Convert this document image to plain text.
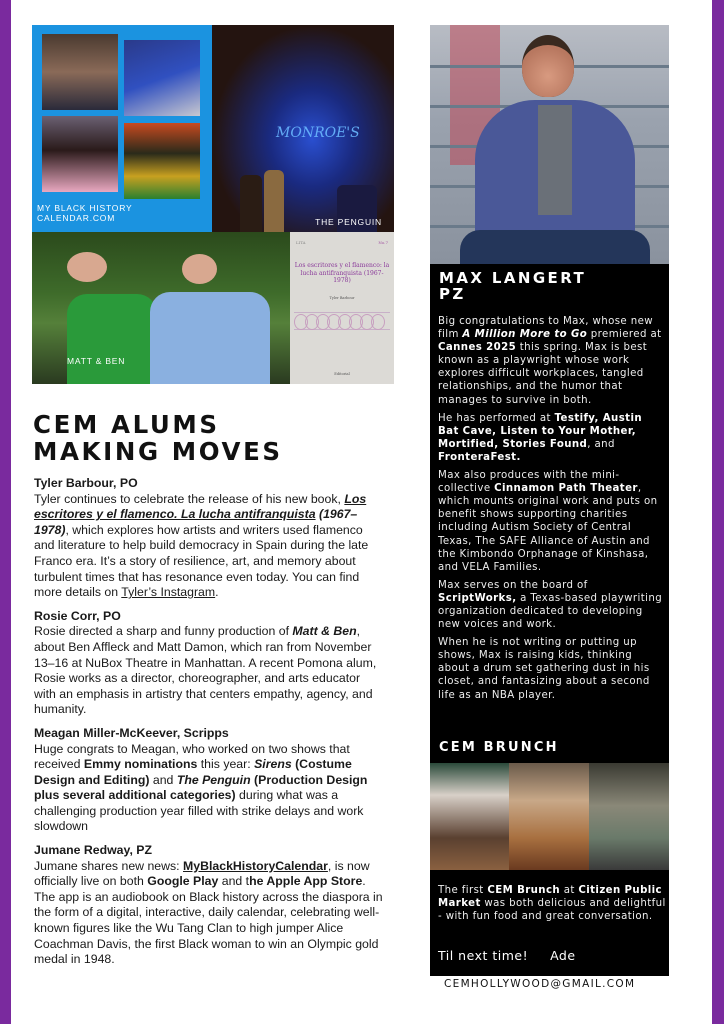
MY BLACK HISTORY CALENDAR.COM
MONROE'S
THE PENGUIN
MATT & BEN
LITA	No.7
Los escritores y el flamenco: la lucha antifranquista (1967-1978)
Tyler Barbour
Editorial
CEM ALUMS
MAKING MOVES
Tyler Barbour, PO
Tyler continues to celebrate the release of his new book, Los escritores y el flamenco. La lucha antifranquista (1967–1978), which explores how artists and writers used flamenco and literature to help build democracy in Spain during the late Franco era. It’s a story of resilience, art, and memory about turbulent times that has resonance even today. You can find more details on Tyler’s Instagram.
Rosie Corr, PO
Rosie directed a sharp and funny production of Matt & Ben, about Ben Affleck and Matt Damon, which ran from November 13–16 at NuBox Theatre in Manhattan. A recent Pomona alum, Rosie works as a director, choreographer, and arts educator with an emphasis in artistry that centers empathy, agency, and humanity.
Meagan Miller-McKeever, Scripps
Huge congrats to Meagan, who worked on two shows that received Emmy nominations this year: Sirens (Costume Design and Editing) and The Penguin (Production Design plus several additional categories) during what was a challenging production year filled with strike delays and work slowdown
Jumane Redway, PZ
Jumane shares new news: MyBlackHistoryCalendar, is now officially live on both Google Play and the Apple App Store. The app is an audiobook on Black history across the diaspora in the form of a digital, interactive, daily calendar, celebrating well-known figures like the Wu Tang Clan to high jumper Alice Coachman Davis, the first Black woman to win an Olympic gold medal in 1948.
MAX LANGERT
PZ

Big congratulations to Max, whose new film A Million More to Go premiered at Cannes 2025 this spring. Max is best known as a playwright whose work explores difficult workplaces, tangled relationships, and the humor that manages to survive in both.

He has performed at Testify, Austin Bat Cave, Listen to Your Mother, Mortified, Stories Found, and FronteraFest.

Max also produces with the mini-collective Cinnamon Path Theater, which mounts original work and puts on benefit shows supporting charities including Autism Society of Central Texas, The SAFE Alliance of Austin and the Kimbondo Orphanage of Kinshasa, and VELA Families.

Max serves on the board of ScriptWorks, a Texas-based playwriting organization dedicated to developing new voices and work.

When he is not writing or putting up shows, Max is raising kids, thinking about a drum set gathering dust in his closet, and fantasizing about a second life as an NBA player.

CEM BRUNCH
The first CEM Brunch at Citizen Public Market was both delicious and delightful - with fun food and great conversation.
Til next time! Ade
CEMHOLLYWOOD@GMAIL.COM
